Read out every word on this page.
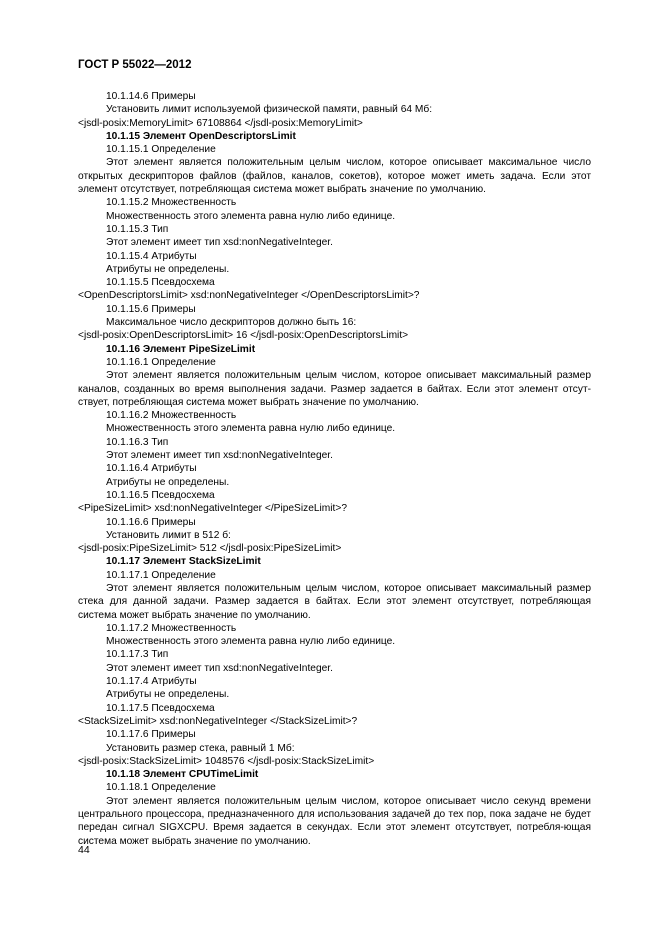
ГОСТ Р 55022—2012
10.1.14.6 Примеры
Установить лимит используемой физической памяти, равный 64 Мб:
<jsdl-posix:MemoryLimit> 67108864 </jsdl-posix:MemoryLimit>
10.1.15 Элемент OpenDescriptorsLimit
10.1.15.1 Определение
Этот элемент является положительным целым числом, которое описывает максимальное число открытых дескрипторов файлов (файлов, каналов, сокетов), которое может иметь задача. Если этот элемент отсутствует, потребляющая система может выбрать значение по умолчанию.
10.1.15.2 Множественность
Множественность этого элемента равна нулю либо единице.
10.1.15.3 Тип
Этот элемент имеет тип xsd:nonNegativeInteger.
10.1.15.4 Атрибуты
Атрибуты не определены.
10.1.15.5 Псевдосхема
<OpenDescriptorsLimit> xsd:nonNegativeInteger </OpenDescriptorsLimit>?
10.1.15.6 Примеры
Максимальное число дескрипторов должно быть 16:
<jsdl-posix:OpenDescriptorsLimit> 16 </jsdl-posix:OpenDescriptorsLimit>
10.1.16 Элемент PipeSizeLimit
10.1.16.1 Определение
Этот элемент является положительным целым числом, которое описывает максимальный размер каналов, созданных во время выполнения задачи. Размер задается в байтах. Если этот элемент отсут-ствует, потребляющая система может выбрать значение по умолчанию.
10.1.16.2 Множественность
Множественность этого элемента равна нулю либо единице.
10.1.16.3 Тип
Этот элемент имеет тип xsd:nonNegativeInteger.
10.1.16.4 Атрибуты
Атрибуты не определены.
10.1.16.5 Псевдосхема
<PipeSizeLimit> xsd:nonNegativeInteger </PipeSizeLimit>?
10.1.16.6 Примеры
Установить лимит в 512 б:
<jsdl-posix:PipeSizeLimit> 512 </jsdl-posix:PipeSizeLimit>
10.1.17 Элемент StackSizeLimit
10.1.17.1 Определение
Этот элемент является положительным целым числом, которое описывает максимальный размер стека для данной задачи. Размер задается в байтах. Если этот элемент отсутствует, потребляющая система может выбрать значение по умолчанию.
10.1.17.2 Множественность
Множественность этого элемента равна нулю либо единице.
10.1.17.3 Тип
Этот элемент имеет тип xsd:nonNegativeInteger.
10.1.17.4 Атрибуты
Атрибуты не определены.
10.1.17.5 Псевдосхема
<StackSizeLimit> xsd:nonNegativeInteger </StackSizeLimit>?
10.1.17.6 Примеры
Установить размер стека, равный 1 Мб:
<jsdl-posix:StackSizeLimit> 1048576 </jsdl-posix:StackSizeLimit>
10.1.18 Элемент CPUTimeLimit
10.1.18.1 Определение
Этот элемент является положительным целым числом, которое описывает число секунд времени центрального процессора, предназначенного для использования задачей до тех пор, пока задаче не будет передан сигнал SIGXCPU. Время задается в секундах. Если этот элемент отсутствует, потребля-ющая система может выбрать значение по умолчанию.
44
